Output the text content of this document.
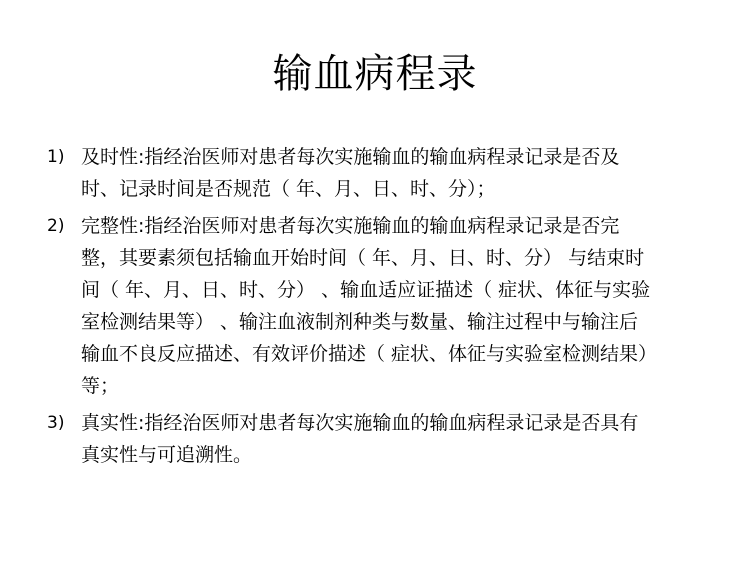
输血病程录
1) 及时性:指经治医师对患者每次实施输血的输血病程录记录是否及
时、记录时间是否规范（ 年、月、日、时、分）；
2) 完整性:指经治医师对患者每次实施输血的输血病程录记录是否完
整，其要素须包括输血开始时间（ 年、月、日、时、分） 与结束时
间（ 年、月、日、时、分） 、输血适应证描述（ 症状、体征与实验
室检测结果等） 、输注血液制剂种类与数量、输注过程中与输注后
输血不良反应描述、有效评价描述（ 症状、体征与实验室检测结果）
等；
3) 真实性:指经治医师对患者每次实施输血的输血病程录记录是否具有
真实性与可追溯性。
